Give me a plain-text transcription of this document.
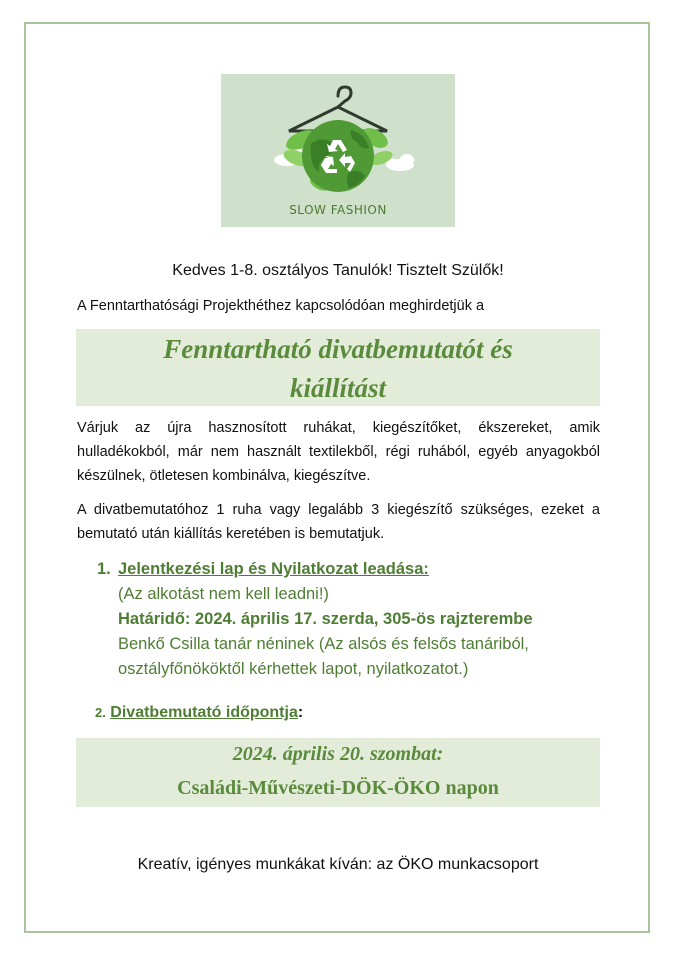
SLOW FASHION
Kedves 1-8. osztályos Tanulók! Tisztelt Szülők!
A Fenntarthatósági Projekthéthez kapcsolódóan meghirdetjük a
Fenntartható divatbemutatót és
kiállítást
Várjuk az újra hasznosított ruhákat, kiegészítőket, ékszereket, amik hulladékokból, már nem használt textilekből, régi ruhából, egyéb anyagokból készülnek, ötletesen kombinálva, kiegészítve.
A divatbemutatóhoz 1 ruha vagy legalább 3 kiegészítő szükséges, ezeket a bemutató után kiállítás keretében is bemutatjuk.
1. Jelentkezési lap és Nyilatkozat leadása:
(Az alkotást nem kell leadni!)
Határidő: 2024. április 17. szerda, 305-ös rajzterembe
Benkő Csilla tanár néninek (Az alsós és felsős tanáriból,
osztályfőnököktől kérhettek lapot, nyilatkozatot.)
2. Divatbemutató időpontja:
2024. április 20. szombat:
Családi-Művészeti-DÖK-ÖKO napon
Kreatív, igényes munkákat kíván: az ÖKO munkacsoport
